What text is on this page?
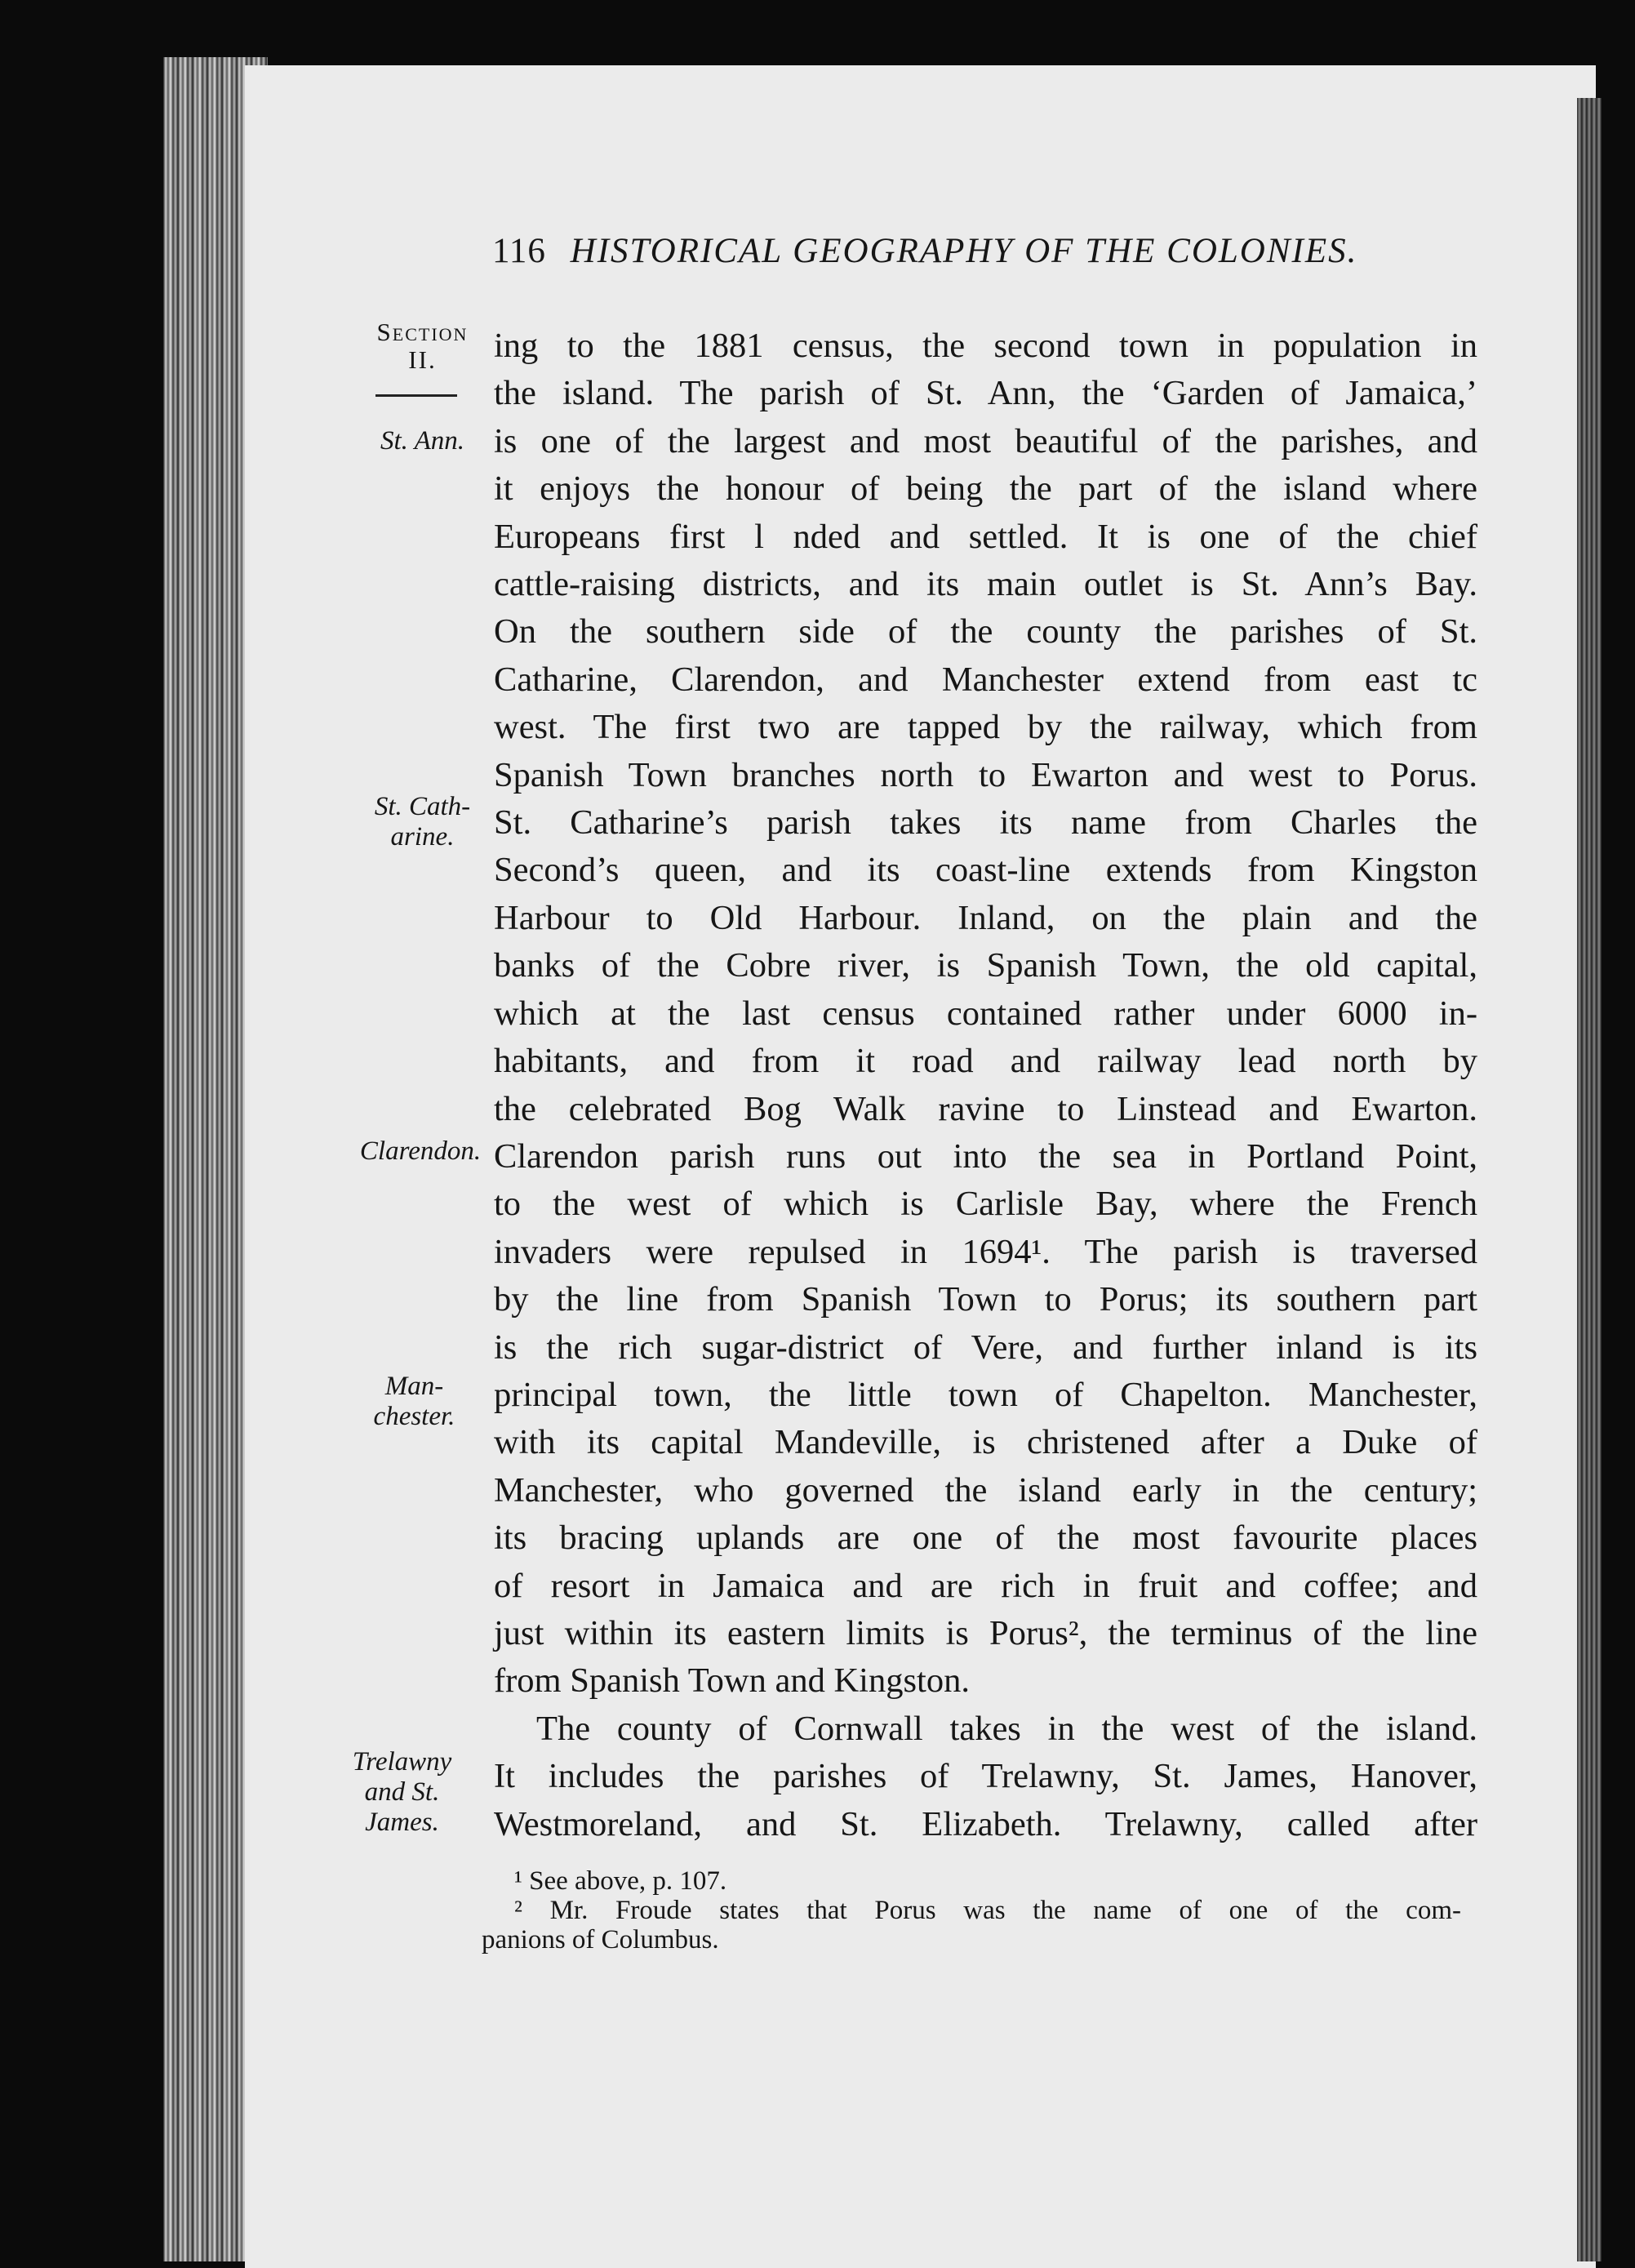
116 HISTORICAL GEOGRAPHY OF THE COLONIES.
Section
II.
St. Ann.
St. Cath-
arine.
Clarendon.
Man-
chester.
Trelawny
and St.
James.
ing to the 1881 census, the second town in population in
the island. The parish of St. Ann, the ‘Garden of Jamaica,’
is one of the largest and most beautiful of the parishes, and
it enjoys the honour of being the part of the island where
Europeans first l nded and settled. It is one of the chief
cattle-raising districts, and its main outlet is St. Ann’s Bay.
On the southern side of the county the parishes of St.
Catharine, Clarendon, and Manchester extend from east tc
west. The first two are tapped by the railway, which from
Spanish Town branches north to Ewarton and west to Porus.
St. Catharine’s parish takes its name from Charles the
Second’s queen, and its coast-line extends from Kingston
Harbour to Old Harbour. Inland, on the plain and the
banks of the Cobre river, is Spanish Town, the old capital,
which at the last census contained rather under 6000 in-
habitants, and from it road and railway lead north by
the celebrated Bog Walk ravine to Linstead and Ewarton.
Clarendon parish runs out into the sea in Portland Point,
to the west of which is Carlisle Bay, where the French
invaders were repulsed in 1694¹. The parish is traversed
by the line from Spanish Town to Porus; its southern part
is the rich sugar-district of Vere, and further inland is its
principal town, the little town of Chapelton. Manchester,
with its capital Mandeville, is christened after a Duke of
Manchester, who governed the island early in the century;
its bracing uplands are one of the most favourite places
of resort in Jamaica and are rich in fruit and coffee; and
just within its eastern limits is Porus², the terminus of the line
from Spanish Town and Kingston.
The county of Cornwall takes in the west of the island.
It includes the parishes of Trelawny, St. James, Hanover,
Westmoreland, and St. Elizabeth. Trelawny, called after
¹ See above, p. 107.
² Mr. Froude states that Porus was the name of one of the com-
panions of Columbus.
